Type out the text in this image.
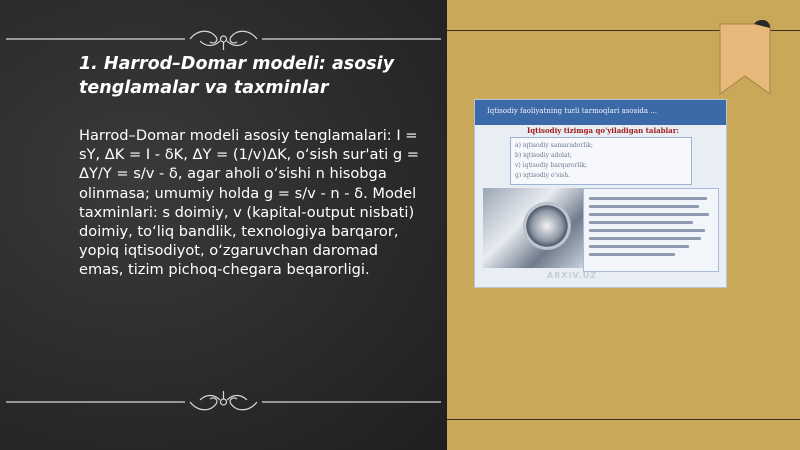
1. Harrod–Domar modeli: asosiy tenglamalar va taxminlar

Harrod–Domar modeli asosiy tenglamalari: I = sY, ΔK = I - δK, ΔY = (1/v)ΔK, o‘sish sur'ati g = ΔY/Y = s/v - δ, agar aholi o‘sishi n hisobga olinmasa; umumiy holda g = s/v - n - δ. Model taxminlari: s doimiy, v (kapital-output nisbati) doimiy, to‘liq bandlik, texnologiya barqaror, yopiq iqtisodiyot, o‘zgaruvchan daromad emas, tizim pichoq-chegara beqarorligi.

Iqtisodiy faoliyatning turli tarmoqlari asosida ...
Iqtisodiy tizimga qo'yiladigan talablar:
a) iqtisodiy samaradorlik;
b) iqtisodiy adolat;
v) iqtisodiy barqarorlik;
g) iqtisodiy o'sish.
ARXIV.UZ
